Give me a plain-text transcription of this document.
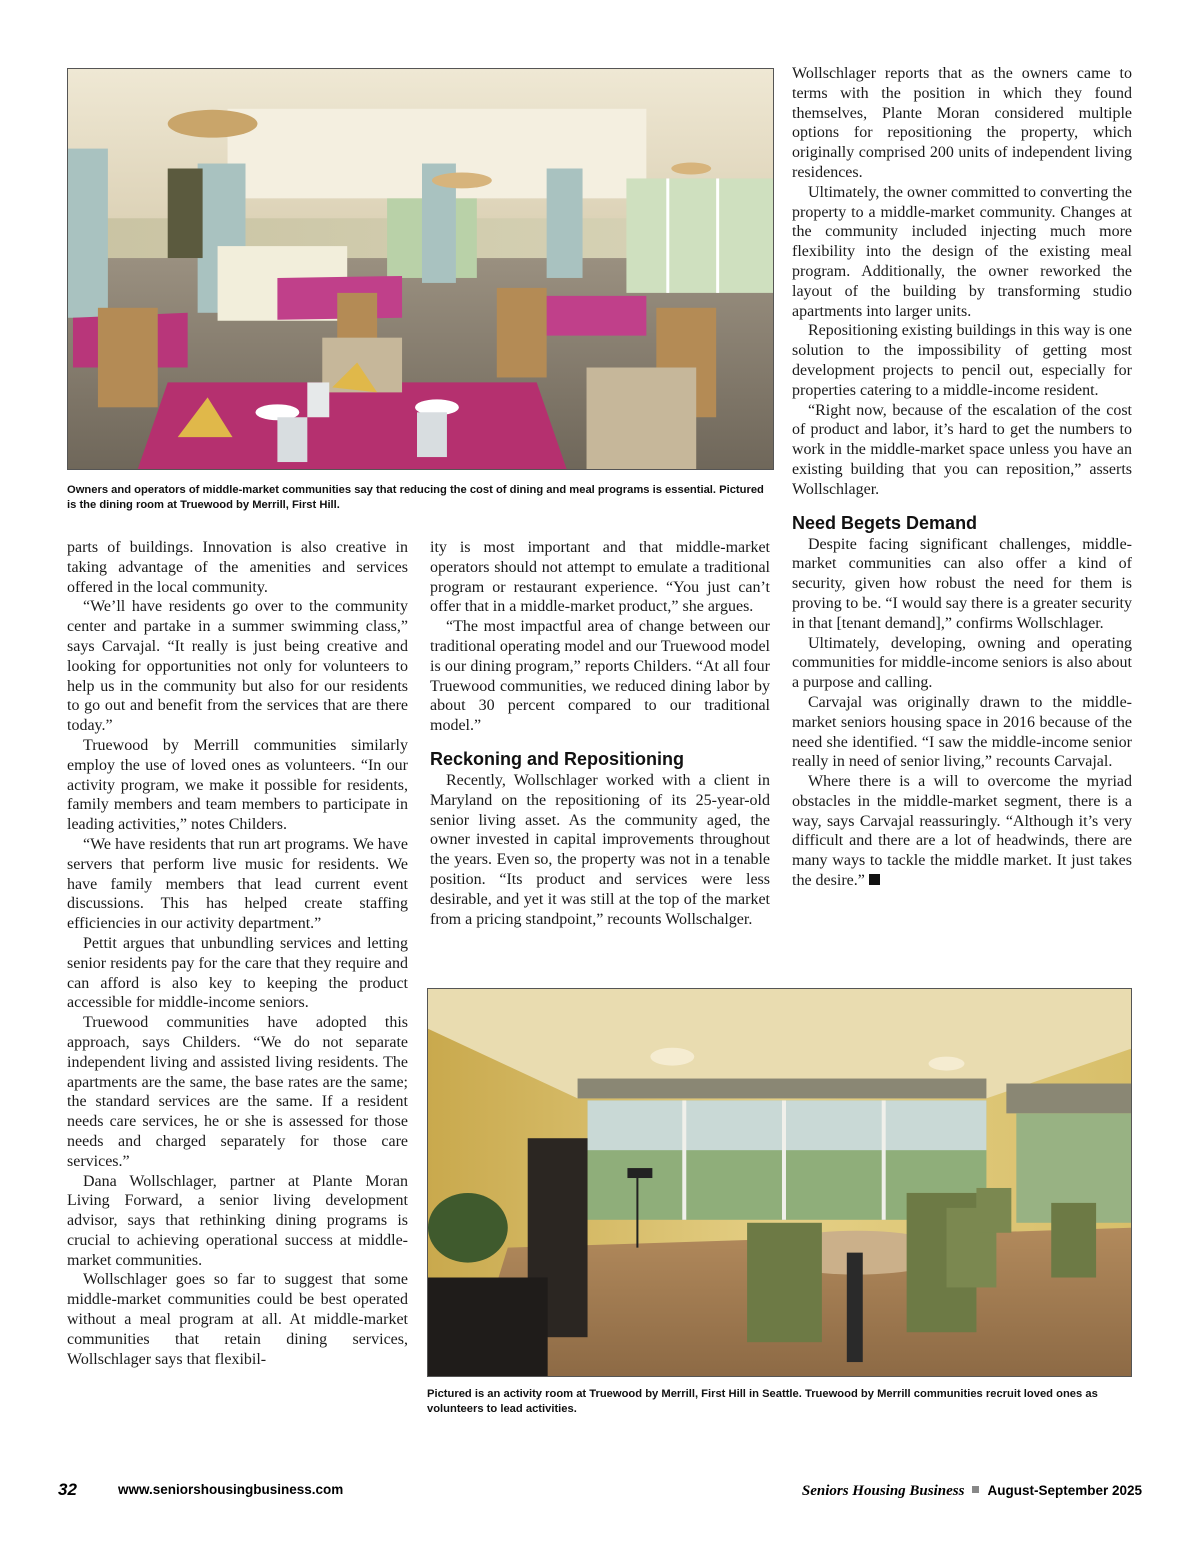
Owners and operators of middle-market communities say that reducing the cost of dining and meal programs is essential. Pictured is the dining room at Truewood by Merrill, First Hill.

parts of buildings. Innovation is also creative in taking advantage of the amenities and services offered in the local community.

“We’ll have residents go over to the community center and partake in a summer swimming class,” says Carvajal. “It really is just being creative and looking for opportunities not only for volunteers to help us in the community but also for our residents to go out and benefit from the services that are there today.”

Truewood by Merrill communities similarly employ the use of loved ones as volunteers. “In our activity program, we make it possible for residents, family members and team members to participate in leading activities,” notes Childers.

“We have residents that run art programs. We have servers that perform live music for residents. We have family members that lead current event discussions. This has helped create staffing efficiencies in our activity department.”

Pettit argues that unbundling services and letting senior residents pay for the care that they require and can afford is also key to keeping the product accessible for middle-income seniors.

Truewood communities have adopted this approach, says Childers. “We do not separate independent living and assisted living residents. The apartments are the same, the base rates are the same; the standard services are the same. If a resident needs care services, he or she is assessed for those needs and charged separately for those care services.”

Dana Wollschlager, partner at Plante Moran Living Forward, a senior living development advisor, says that rethinking dining programs is crucial to achieving operational success at middle-market communities.

Wollschlager goes so far to suggest that some middle-market communities could be best operated without a meal program at all. At middle-market communities that retain dining services, Wollschlager says that flexibil-

ity is most important and that middle-market operators should not attempt to emulate a traditional program or restaurant experience. “You just can’t offer that in a middle-market product,” she argues.

“The most impactful area of change between our traditional operating model and our Truewood model is our dining program,” reports Childers. “At all four Truewood communities, we reduced dining labor by about 30 percent compared to our traditional model.”

Reckoning and Repositioning

Recently, Wollschlager worked with a client in Maryland on the repositioning of its 25-year-old senior living asset. As the community aged, the owner invested in capital improvements throughout the years. Even so, the property was not in a tenable position. “Its product and services were less desirable, and yet it was still at the top of the market from a pricing standpoint,” recounts Wollschalger.

Wollschlager reports that as the owners came to terms with the position in which they found themselves, Plante Moran considered multiple options for repositioning the property, which originally comprised 200 units of independent living residences.

Ultimately, the owner committed to converting the property to a middle-market community. Changes at the community included injecting much more flexibility into the design of the existing meal program. Additionally, the owner reworked the layout of the building by transforming studio apartments into larger units.

Repositioning existing buildings in this way is one solution to the impossibility of getting most development projects to pencil out, especially for properties catering to a middle-income resident.

“Right now, because of the escalation of the cost of product and labor, it’s hard to get the numbers to work in the middle-market space unless you have an existing building that you can reposition,” asserts Wollschlager.

Need Begets Demand

Despite facing significant challenges, middle-market communities can also offer a kind of security, given how robust the need for them is proving to be. “I would say there is a greater security in that [tenant demand],” confirms Wollschlager.

Ultimately, developing, owning and operating communities for middle-income seniors is also about a purpose and calling.

Carvajal was originally drawn to the middle-market seniors housing space in 2016 because of the need she identified. “I saw the middle-income senior really in need of senior living,” recounts Carvajal.

Where there is a will to overcome the myriad obstacles in the middle-market segment, there is a way, says Carvajal reassuringly. “Although it’s very difficult and there are a lot of headwinds, there are many ways to tackle the middle market. It just takes the desire.”

Pictured is an activity room at Truewood by Merrill, First Hill in Seattle. Truewood by Merrill communities recruit loved ones as volunteers to lead activities.
32	www.seniorshousingbusiness.com	Seniors Housing Business August-September 2025
